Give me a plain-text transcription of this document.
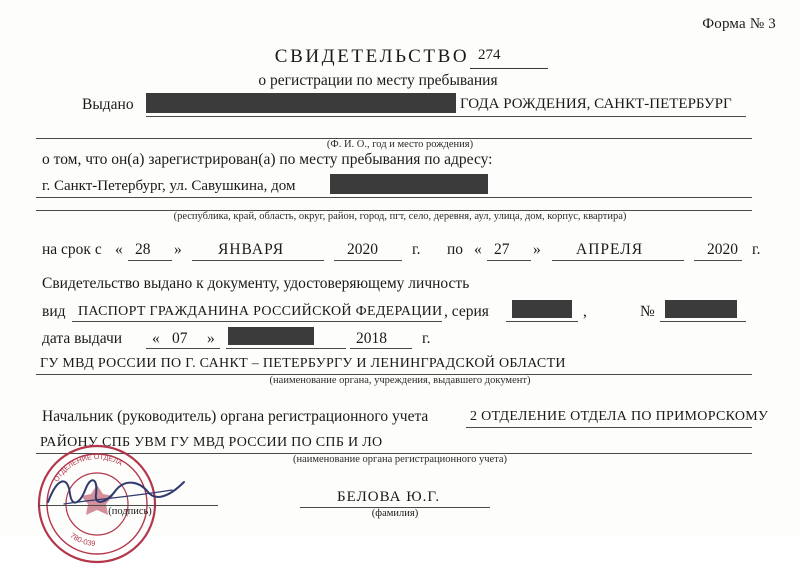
Форма № 3
СВИДЕТЕЛЬСТВО 274
о регистрации по месту пребывания
Выдано	ГОДА РОЖДЕНИЯ, САНКТ-ПЕТЕРБУРГ
(Ф. И. О., год и место рождения)
о том, что он(а) зарегистрирован(а) по месту пребывания по адресу:
г. Санкт-Петербург, ул. Савушкина, дом
(республика, край, область, округ, район, город, пгт, село, деревня, аул, улица, дом, корпус, квартира)
на срок с « 28 » ЯНВАРЯ	2020 г. по « 27 » АПРЕЛЯ	2020 г.
Свидетельство выдано к документу, удостоверяющему личность
вид ПАСПОРТ ГРАЖДАНИНА РОССИЙСКОЙ ФЕДЕРАЦИИ , серия	,	№
дата выдачи « 07 »	2018 г.
ГУ МВД РОССИИ ПО Г. САНКТ – ПЕТЕРБУРГУ И ЛЕНИНГРАДСКОЙ ОБЛАСТИ
(наименование органа, учреждения, выдавшего документ)
Начальник (руководитель) органа регистрационного учета	2 ОТДЕЛЕНИЕ ОТДЕЛА ПО ПРИМОРСКОМУ
РАЙОНУ СПБ УВМ ГУ МВД РОССИИ ПО СПБ И ЛО
(наименование органа регистрационного учета)
ОТДЕЛЕНИЕ ОТДЕЛА
780-039
(подпись)
БЕЛОВА Ю.Г.
(фамилия)
